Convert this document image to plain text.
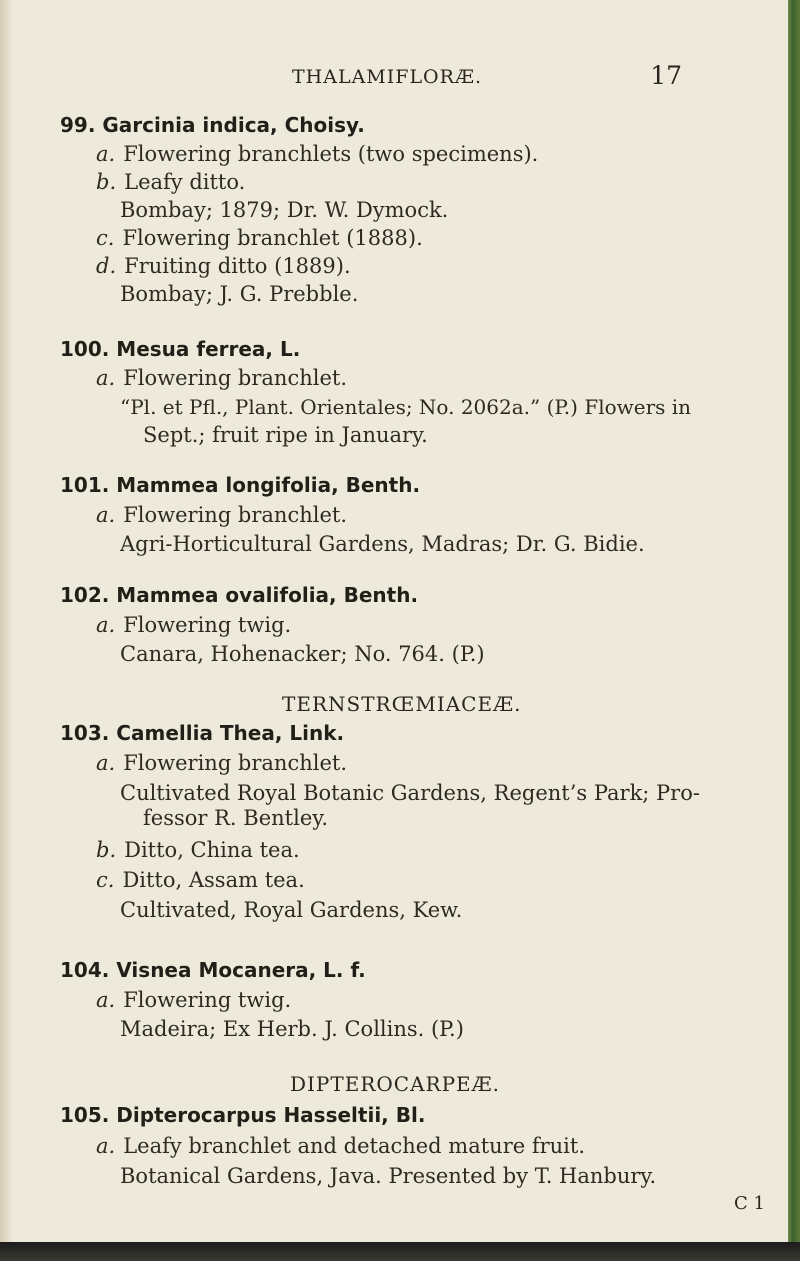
THALAMIFLORÆ.	17
99. Garcinia indica, Choisy.
a. Flowering branchlets (two specimens).
b. Leafy ditto.
Bombay; 1879; Dr. W. Dymock.
c. Flowering branchlet (1888).
d. Fruiting ditto (1889).
Bombay; J. G. Prebble.
100. Mesua ferrea, L.
a. Flowering branchlet.
“Pl. et Pfl., Plant. Orientales; No. 2062a.” (P.) Flowers in
Sept.; fruit ripe in January.
101. Mammea longifolia, Benth.
a. Flowering branchlet.
Agri-Horticultural Gardens, Madras; Dr. G. Bidie.
102. Mammea ovalifolia, Benth.
a. Flowering twig.
Canara, Hohenacker; No. 764. (P.)
TERNSTRŒMIACEÆ.
103. Camellia Thea, Link.
a. Flowering branchlet.
Cultivated Royal Botanic Gardens, Regent’s Park; Pro-
fessor R. Bentley.
b. Ditto, China tea.
c. Ditto, Assam tea.
Cultivated, Royal Gardens, Kew.
104. Visnea Mocanera, L. f.
a. Flowering twig.
Madeira; Ex Herb. J. Collins. (P.)
DIPTEROCARPEÆ.
105. Dipterocarpus Hasseltii, Bl.
a. Leafy branchlet and detached mature fruit.
Botanical Gardens, Java. Presented by T. Hanbury.
C 1
